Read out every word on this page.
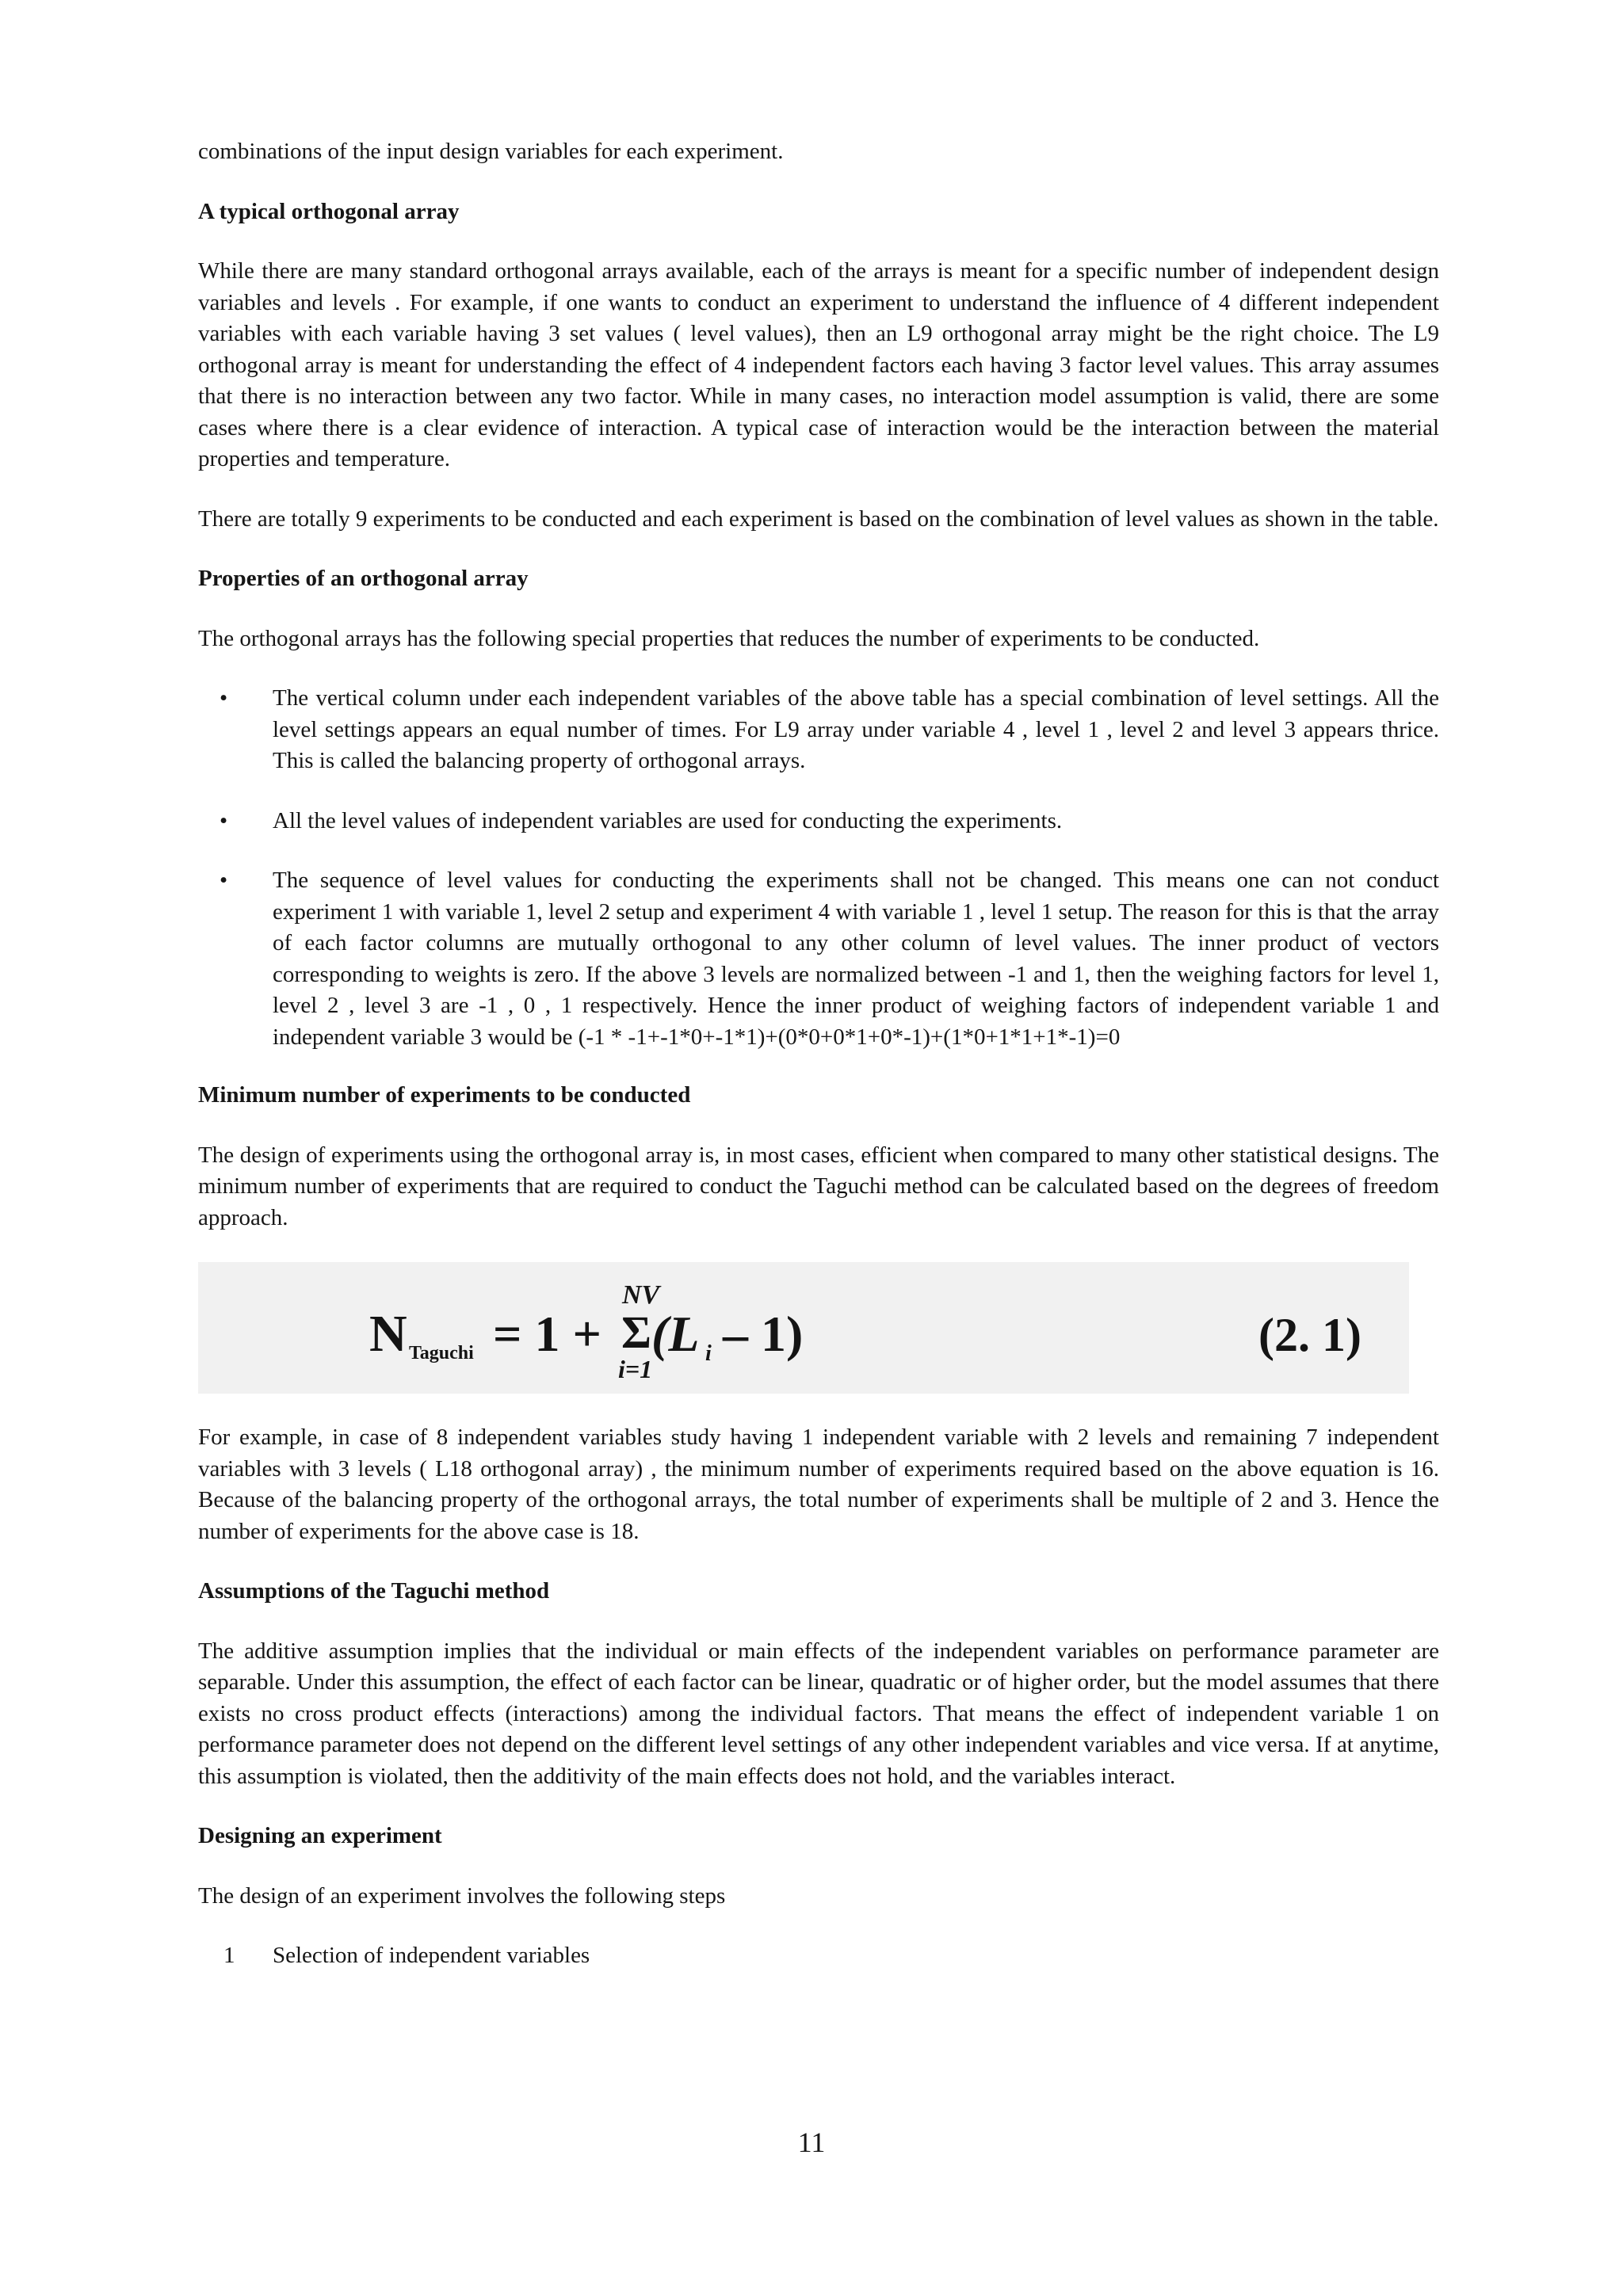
combinations of the input design variables for each experiment.

A typical orthogonal array

While there are many standard orthogonal arrays available, each of the arrays is meant for a specific number of independent design variables and levels . For example, if one wants to conduct an experiment to understand the influence of 4 different independent variables with each variable having 3 set values ( level values), then an L9 orthogonal array might be the right choice. The L9 orthogonal array is meant for understanding the effect of 4 independent factors each having 3 factor level values. This array assumes that there is no interaction between any two factor. While in many cases, no interaction model assumption is valid, there are some cases where there is a clear evidence of interaction. A typical case of interaction would be the interaction between the material properties and temperature.

There are totally 9 experiments to be conducted and each experiment is based on the combination of level values as shown in the table.

Properties of an orthogonal array

The orthogonal arrays has the following special properties that reduces the number of experiments to be conducted.

• The vertical column under each independent variables of the above table has a special combination of level settings. All the level settings appears an equal number of times. For L9 array under variable 4 , level 1 , level 2 and level 3 appears thrice. This is called the balancing property of orthogonal arrays.
• All the level values of independent variables are used for conducting the experiments.
• The sequence of level values for conducting the experiments shall not be changed. This means one can not conduct experiment 1 with variable 1, level 2 setup and experiment 4 with variable 1 , level 1 setup. The reason for this is that the array of each factor columns are mutually orthogonal to any other column of level values. The inner product of vectors corresponding to weights is zero. If the above 3 levels are normalized between -1 and 1, then the weighing factors for level 1, level 2 , level 3 are -1 , 0 , 1 respectively. Hence the inner product of weighing factors of independent variable 1 and independent variable 3 would be (-1 * -1+-1*0+-1*1)+(0*0+0*1+0*-1)+(1*0+1*1+1*-1)=0
Minimum number of experiments to be conducted

The design of experiments using the orthogonal array is, in most cases, efficient when compared to many other statistical designs. The minimum number of experiments that are required to conduct the Taguchi method can be calculated based on the degrees of freedom approach.

N Taguchi = 1 +
NV
Σ
i=1
(L i – 1)	(2. 1)

For example, in case of 8 independent variables study having 1 independent variable with 2 levels and remaining 7 independent variables with 3 levels ( L18 orthogonal array) , the minimum number of experiments required based on the above equation is 16. Because of the balancing property of the orthogonal arrays, the total number of experiments shall be multiple of 2 and 3. Hence the number of experiments for the above case is 18.

Assumptions of the Taguchi method

The additive assumption implies that the individual or main effects of the independent variables on performance parameter are separable. Under this assumption, the effect of each factor can be linear, quadratic or of higher order, but the model assumes that there exists no cross product effects (interactions) among the individual factors. That means the effect of independent variable 1 on performance parameter does not depend on the different level settings of any other independent variables and vice versa. If at anytime, this assumption is violated, then the additivity of the main effects does not hold, and the variables interact.

Designing an experiment

The design of an experiment involves the following steps

1 Selection of independent variables
11
